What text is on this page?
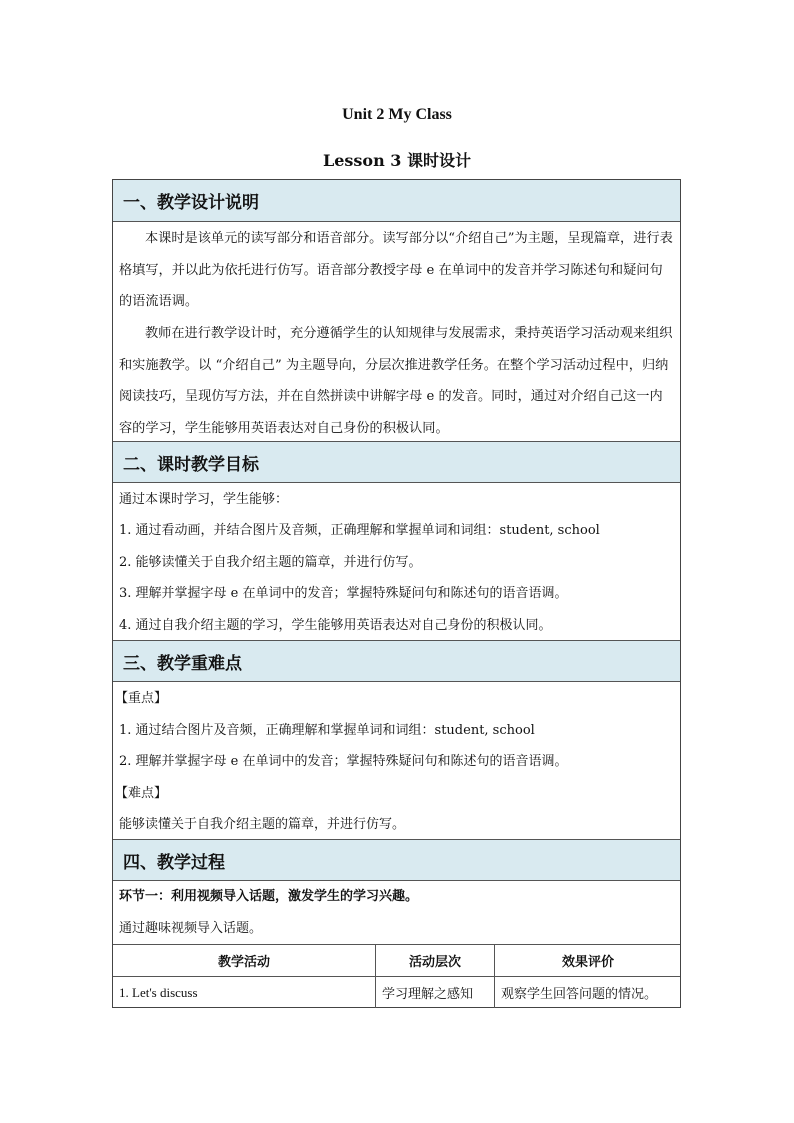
Unit 2 My Class
Lesson 3 课时设计
一、教学设计说明
本课时是该单元的读写部分和语音部分。读写部分以“介绍自己”为主题，呈现篇章，进行表格填写，并以此为依托进行仿写。语音部分教授字母 e 在单词中的发音并学习陈述句和疑问句的语流语调。
教师在进行教学设计时，充分遵循学生的认知规律与发展需求，秉持英语学习活动观来组织和实施教学。以 “介绍自己” 为主题导向，分层次推进教学任务。在整个学习活动过程中，归纳阅读技巧，呈现仿写方法，并在自然拼读中讲解字母 e 的发音。同时，通过对介绍自己这一内容的学习，学生能够用英语表达对自己身份的积极认同。
二、课时教学目标
通过本课时学习，学生能够：
1. 通过看动画，并结合图片及音频，正确理解和掌握单词和词组：student, school
2. 能够读懂关于自我介绍主题的篇章，并进行仿写。
3. 理解并掌握字母 e 在单词中的发音；掌握特殊疑问句和陈述句的语音语调。
4. 通过自我介绍主题的学习，学生能够用英语表达对自己身份的积极认同。
三、教学重难点
【重点】
1. 通过结合图片及音频，正确理解和掌握单词和词组：student, school
2. 理解并掌握字母 e 在单词中的发音；掌握特殊疑问句和陈述句的语音语调。
【难点】
能够读懂关于自我介绍主题的篇章，并进行仿写。
四、教学过程
环节一：利用视频导入话题，激发学生的学习兴趣。
通过趣味视频导入话题。
教学活动	活动层次	效果评价
1. Let's discuss	学习理解之感知	观察学生回答问题的情况。
